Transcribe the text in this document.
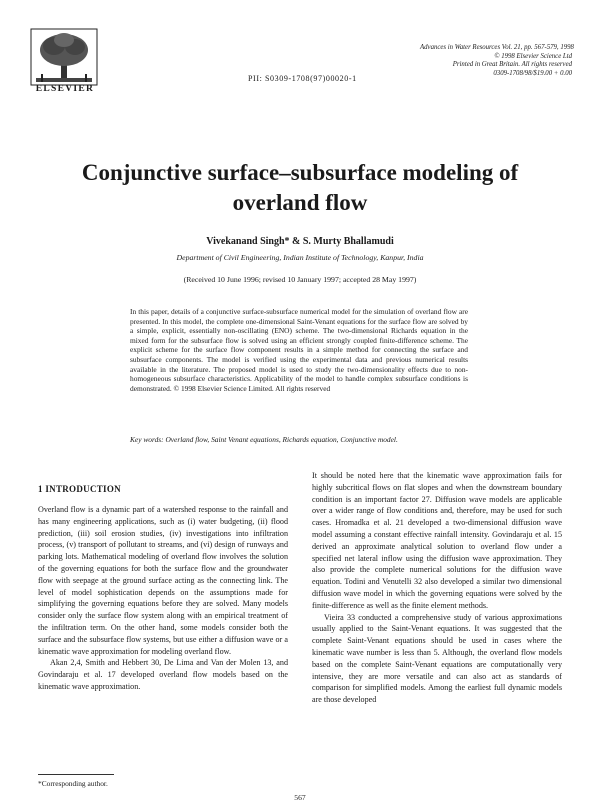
ELSEVIER
PII: S0309-1708(97)00020-1
Advances in Water Resources Vol. 21, pp. 567-579, 1998
© 1998 Elsevier Science Ltd
Printed in Great Britain. All rights reserved
0309-1708/98/$19.00 + 0.00
Conjunctive surface–subsurface modeling of
overland flow
Vivekanand Singh* & S. Murty Bhallamudi
Department of Civil Engineering, Indian Institute of Technology, Kanpur, India
(Received 10 June 1996; revised 10 January 1997; accepted 28 May 1997)
In this paper, details of a conjunctive surface-subsurface numerical model for the simulation of overland flow are presented. In this model, the complete one-dimensional Saint-Venant equations for the surface flow are solved by a simple, explicit, essentially non-oscillating (ENO) scheme. The two-dimensional Richards equation in the mixed form for the subsurface flow is solved using an efficient strongly coupled finite-difference scheme. The explicit scheme for the surface flow component results in a simple method for connecting the surface and subsurface components. The model is verified using the experimental data and previous numerical results available in the literature. The proposed model is used to study the two-dimensionality effects due to non-homogeneous subsurface characteristics. Applicability of the model to handle complex subsurface conditions is demonstrated. © 1998 Elsevier Science Limited. All rights reserved
Key words: Overland flow, Saint Venant equations, Richards equation, Conjunctive model.
1 INTRODUCTION

Overland flow is a dynamic part of a watershed response to the rainfall and has many engineering applications, such as (i) water budgeting, (ii) flood prediction, (iii) soil erosion studies, (iv) investigations into infiltration process, (v) transport of pollutant to streams, and (vi) design of runways and parking lots. Mathematical modeling of overland flow involves the solution of the governing equations for both the surface flow and the groundwater flow with seepage at the ground surface acting as the connecting link. The level of model sophistication depends on the assumptions made for simplifying the governing equations before they are solved. Many models consider only the surface flow system along with an empirical treatment of the infiltration term. On the other hand, some models consider both the surface and the subsurface flow systems, but use either a diffusion wave or a kinematic wave approximation for modeling overland flow.

Akan 2,4, Smith and Hebbert 30, De Lima and Van der Molen 13, and Govindaraju et al. 17 developed overland flow models based on the kinematic wave approximation.

It should be noted here that the kinematic wave approximation fails for highly subcritical flows on flat slopes and when the downstream boundary condition is an important factor 27. Diffusion wave models are applicable over a wider range of flow conditions and, therefore, may be used for such cases. Hromadka et al. 21 developed a two-dimensional diffusion wave model assuming a constant effective rainfall intensity. Govindaraju et al. 15 derived an approximate analytical solution to overland flow under a specified net lateral inflow using the diffusion wave approximation. They also provide the complete numerical solutions for the diffusion wave equation. Todini and Venutelli 32 also developed a similar two dimensional diffusion wave model in which the governing equations were solved by the finite-difference as well as the finite element methods.

Vieira 33 conducted a comprehensive study of various approximations usually applied to the Saint-Venant equations. It was suggested that the complete Saint-Venant equations should be used in cases where the kinematic wave number is less than 5. Although, the overland flow models based on the complete Saint-Venant equations are computationally very intensive, they are more versatile and can also act as standards of comparison for simplified models. Among the earliest full dynamic models are those developed

*Corresponding author.
567
